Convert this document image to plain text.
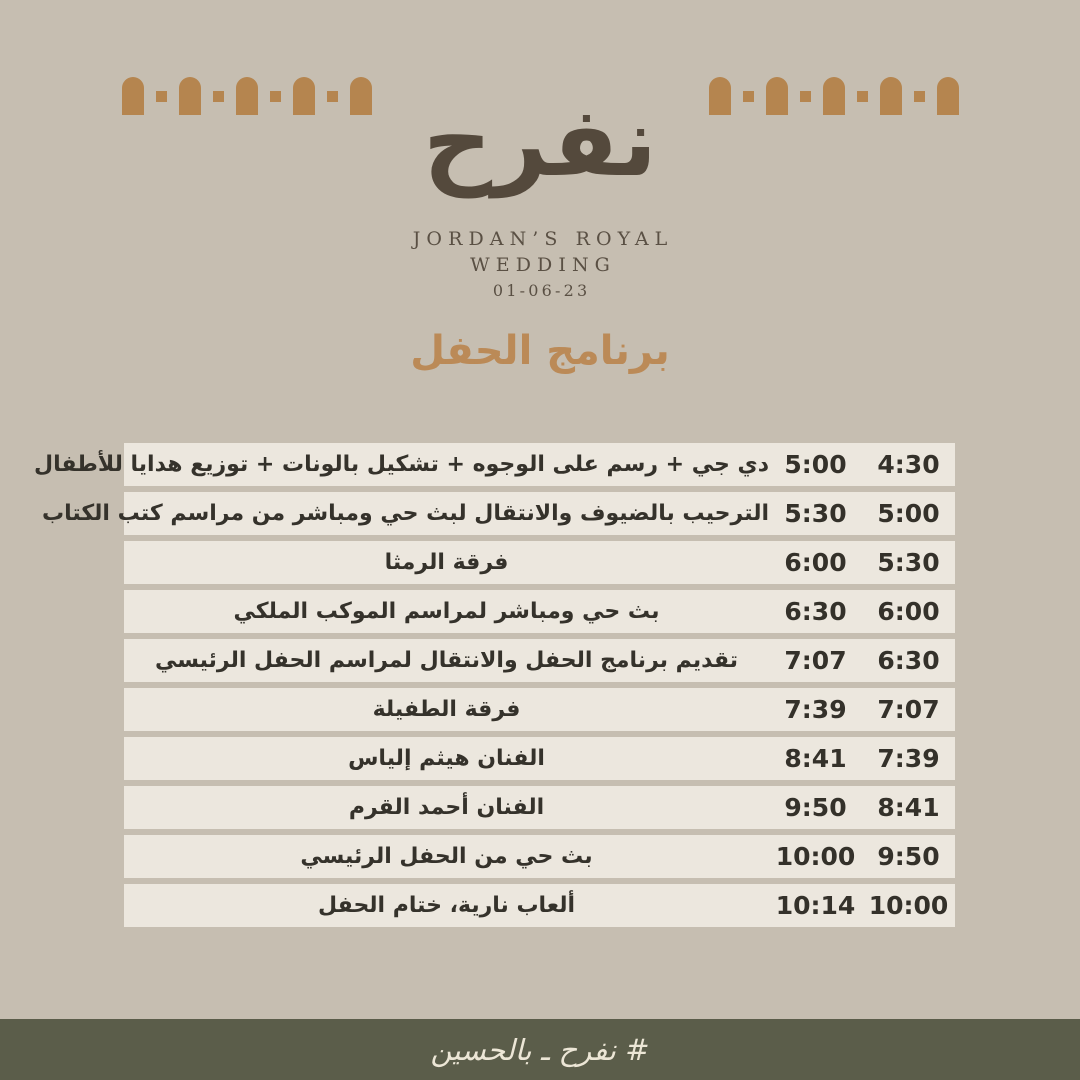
نفرح
JORDAN’S ROYAL
WEDDING
01-06-23
برنامج الحفل
4:30
5:00
دي جي + رسم على الوجوه + تشكيل بالونات + توزيع هدايا للأطفال
5:00
5:30
الترحيب بالضيوف والانتقال لبث حي ومباشر من مراسم كتب الكتاب
5:30
6:00
فرقة الرمثا
6:00
6:30
بث حي ومباشر لمراسم الموكب الملكي
6:30
7:07
تقديم برنامج الحفل والانتقال لمراسم الحفل الرئيسي
7:07
7:39
فرقة الطفيلة
7:39
8:41
الفنان هيثم إلياس
8:41
9:50
الفنان أحمد القرم
9:50
10:00
بث حي من الحفل الرئيسي
10:00
10:14
ألعاب نارية، ختام الحفل
# نفرح ـ بالحسين
